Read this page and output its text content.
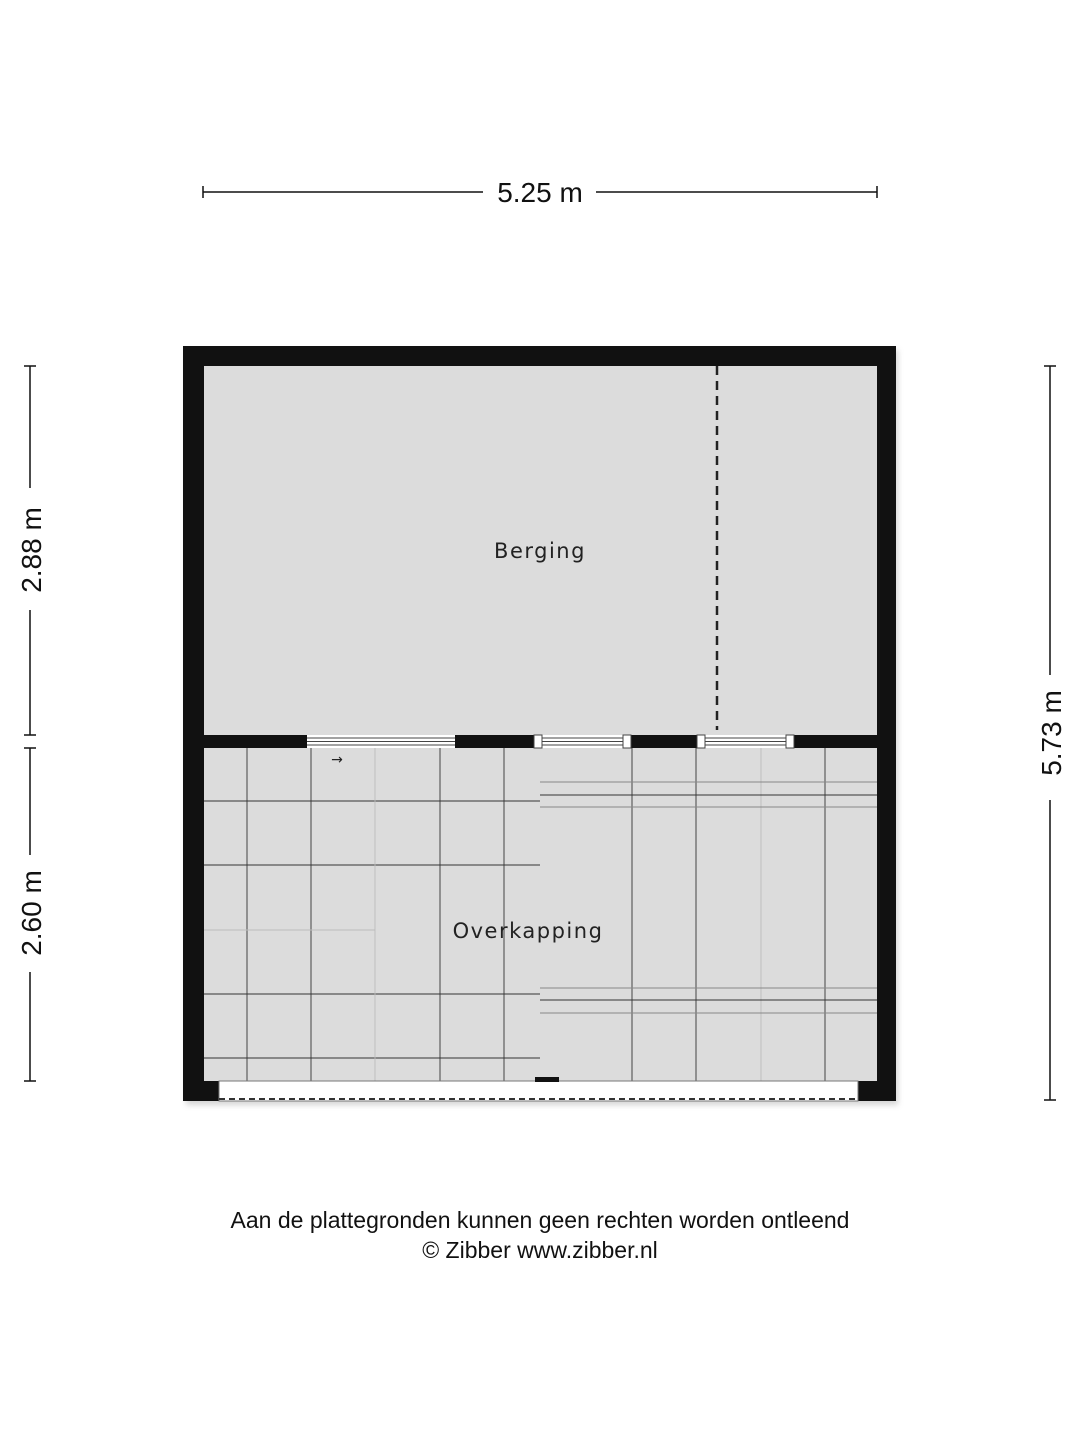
5.25 m
2.88 m
2.60 m
5.73 m
→
Berging
Overkapping
Aan de plattegronden kunnen geen rechten worden ontleend
© Zibber www.zibber.nl
